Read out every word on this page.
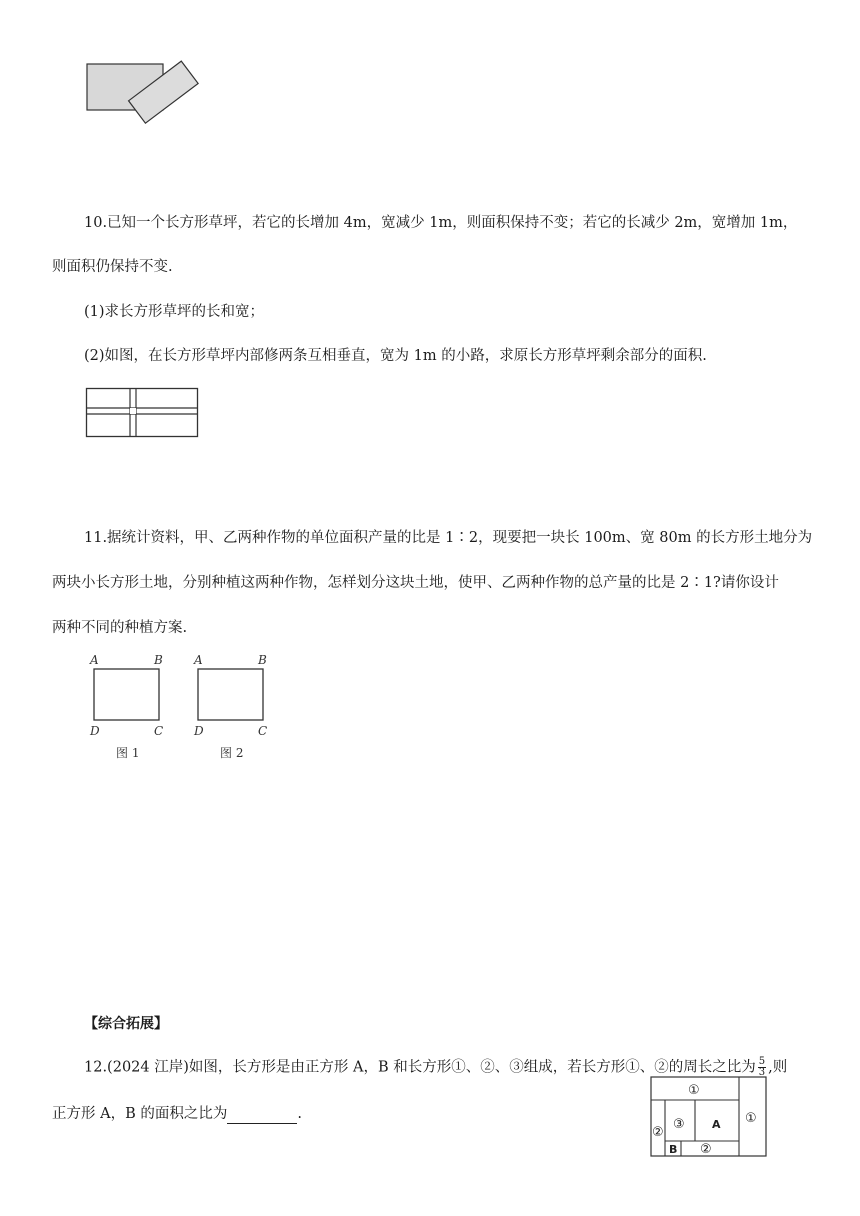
10.已知一个长方形草坪，若它的长增加 4m，宽减少 1m，则面积保持不变；若它的长减少 2m，宽增加 1m，
则面积仍保持不变.
(1)求长方形草坪的长和宽；
(2)如图，在长方形草坪内部修两条互相垂直，宽为 1m 的小路，求原长方形草坪剩余部分的面积.
11.据统计资料，甲、乙两种作物的单位面积产量的比是 1∶2，现要把一块长 100m、宽 80m 的长方形土地分为
两块小长方形土地，分别种植这两种作物，怎样划分这块土地，使甲、乙两种作物的总产量的比是 2∶1?请你设计
两种不同的种植方案.
A	B
D	C
图 1
A	B
D	C
图 2
【综合拓展】
12.(2024 江岸)如图，长方形是由正方形 A，B 和长方形①、②、③组成，若长方形①、②的周长之比为 $\frac{5}{3}$ ,则
正方形 A，B 的面积之比为	.
①
①
②
③ A
B ②
